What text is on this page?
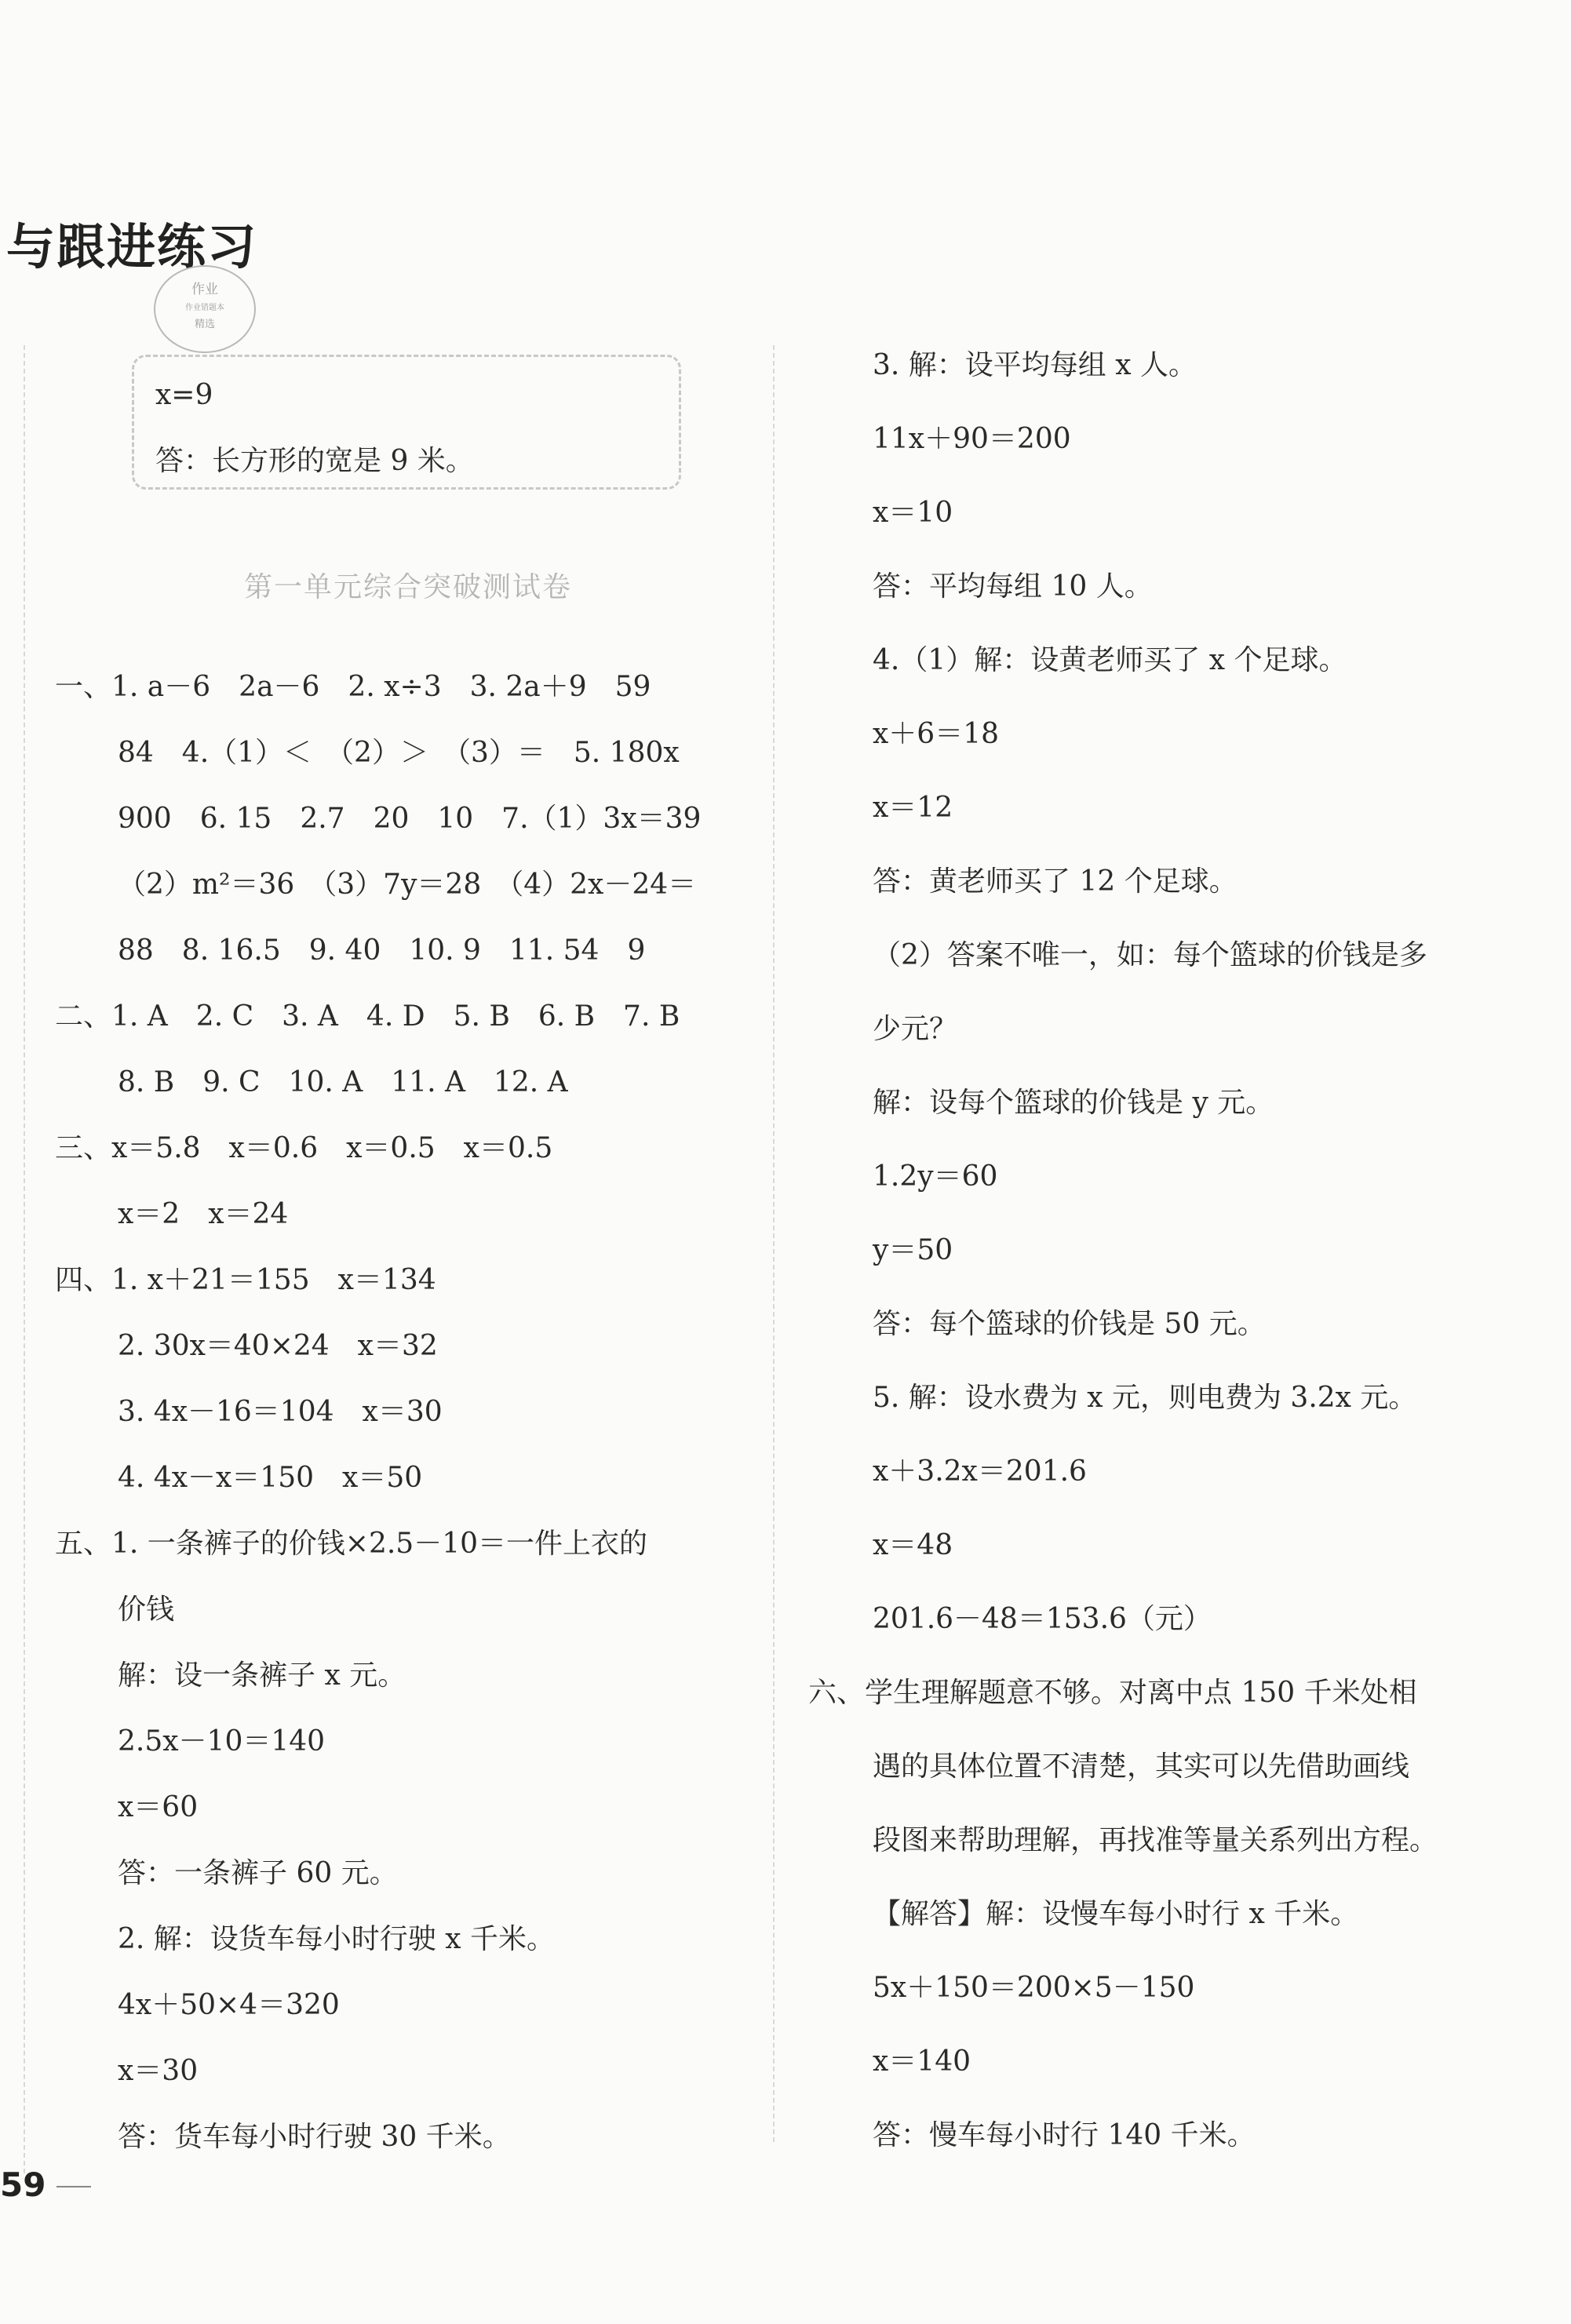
与跟进练习
作业
作业错题本
精选
x=9
答：长方形的宽是 9 米。
第一单元综合突破测试卷
一、1. a－6　2a－6　2. x÷3　3. 2a＋9　59
84　4.（1）＜　（2）＞　（3）＝　5. 180x
900　6. 15　2.7　20　10　7.（1）3x＝39
（2）m²＝36　（3）7y＝28　（4）2x－24＝
88　8. 16.5　9. 40　10. 9　11. 54　9
二、1. A　2. C　3. A　4. D　5. B　6. B　7. B
8. B　9. C　10. A　11. A　12. A
三、x＝5.8　x＝0.6　x＝0.5　x＝0.5
x＝2　x＝24
四、1. x＋21＝155　x＝134
2. 30x＝40×24　x＝32
3. 4x－16＝104　x＝30
4. 4x－x＝150　x＝50
五、1. 一条裤子的价钱×2.5－10＝一件上衣的
价钱
解：设一条裤子 x 元。
2.5x－10＝140
x＝60
答：一条裤子 60 元。
2. 解：设货车每小时行驶 x 千米。
4x＋50×4＝320
x＝30
答：货车每小时行驶 30 千米。
3. 解：设平均每组 x 人。
11x＋90＝200
x＝10
答：平均每组 10 人。
4.（1）解：设黄老师买了 x 个足球。
x＋6＝18
x＝12
答：黄老师买了 12 个足球。
（2）答案不唯一，如：每个篮球的价钱是多
少元？
解：设每个篮球的价钱是 y 元。
1.2y＝60
y＝50
答：每个篮球的价钱是 50 元。
5. 解：设水费为 x 元，则电费为 3.2x 元。
x＋3.2x＝201.6
x＝48
201.6－48＝153.6（元）
六、学生理解题意不够。对离中点 150 千米处相
遇的具体位置不清楚，其实可以先借助画线
段图来帮助理解，再找准等量关系列出方程。
【解答】解：设慢车每小时行 x 千米。
5x＋150＝200×5－150
x＝140
答：慢车每小时行 140 千米。
59
